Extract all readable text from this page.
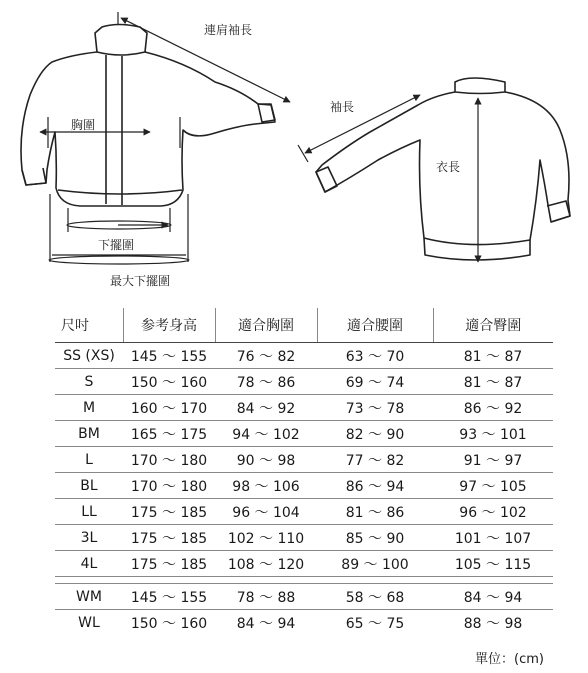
連肩袖長
胸圍
下擺圍
最大下擺圍
袖長
衣長
尺吋	参考身高	適合胸圍	適合腰圍	適合臀圍
SS (XS)	145 ～ 155	76 ～ 82	63 ～ 70	81 ～ 87
S	150 ～ 160	78 ～ 86	69 ～ 74	81 ～ 87
M	160 ～ 170	84 ～ 92	73 ～ 78	86 ～ 92
BM	165 ～ 175	94 ～ 102	82 ～ 90	93 ～ 101
L	170 ～ 180	90 ～ 98	77 ～ 82	91 ～ 97
BL	170 ～ 180	98 ～ 106	86 ～ 94	97 ～ 105
LL	175 ～ 185	96 ～ 104	81 ～ 86	96 ～ 102
3L	175 ～ 185	102 ～ 110	85 ～ 90	101 ～ 107
4L	175 ～ 185	108 ～ 120	89 ～ 100	105 ～ 115

WM	145 ～ 155	78 ～ 88	58 ～ 68	84 ～ 94
WL	150 ～ 160	84 ～ 94	65 ～ 75	88 ～ 98
單位：(cm)
